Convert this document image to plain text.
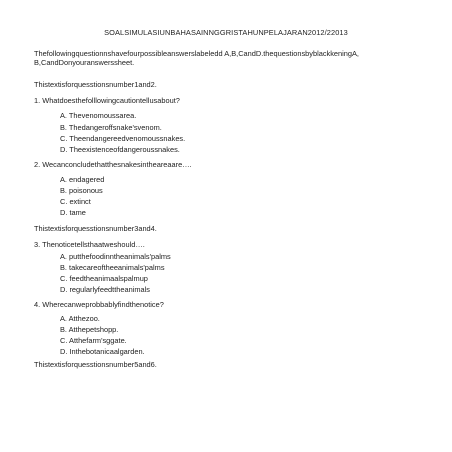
SOALSIMULASIUNBAHASAINNGGRISTAHUNPELAJARAN2012/22013
Thefollowingquestionnshavefourpossibleanswerslabeledd A,B,CandD.thequestionsbyblackkeningA,
B,CandDonyouranswerssheet.
Thistextisforquesstionsnumber1and2.
1. Whatdoesthefolllowingcautiontellusabout?
A. Thevenomoussarea.
B. Thedangeroffsnake'svenom.
C. Theendangereedvenomoussnakes.
D. Theexistenceofdangeroussnakes.
2. Wecanconcludethatthesnakesintheareaare….
A. endagered
B. poisonous
C. extinct
D. tame
Thistextisforquesstionsnumber3and4.
3. Thenoticetellsthaatweshould….
A. putthefoodinntheanimals'palms
B. takecareoftheeanimals'palms
C. feedtheanimaalspalmup
D. regularlyfeedttheanimals
4. Wherecanweprobbablyfindthenotice?
A. Atthezoo.
B. Atthepetshopp.
C. Atthefarm'sggate.
D. Inthebotanicaalgarden.
Thistextisforquesstionsnumber5and6.
